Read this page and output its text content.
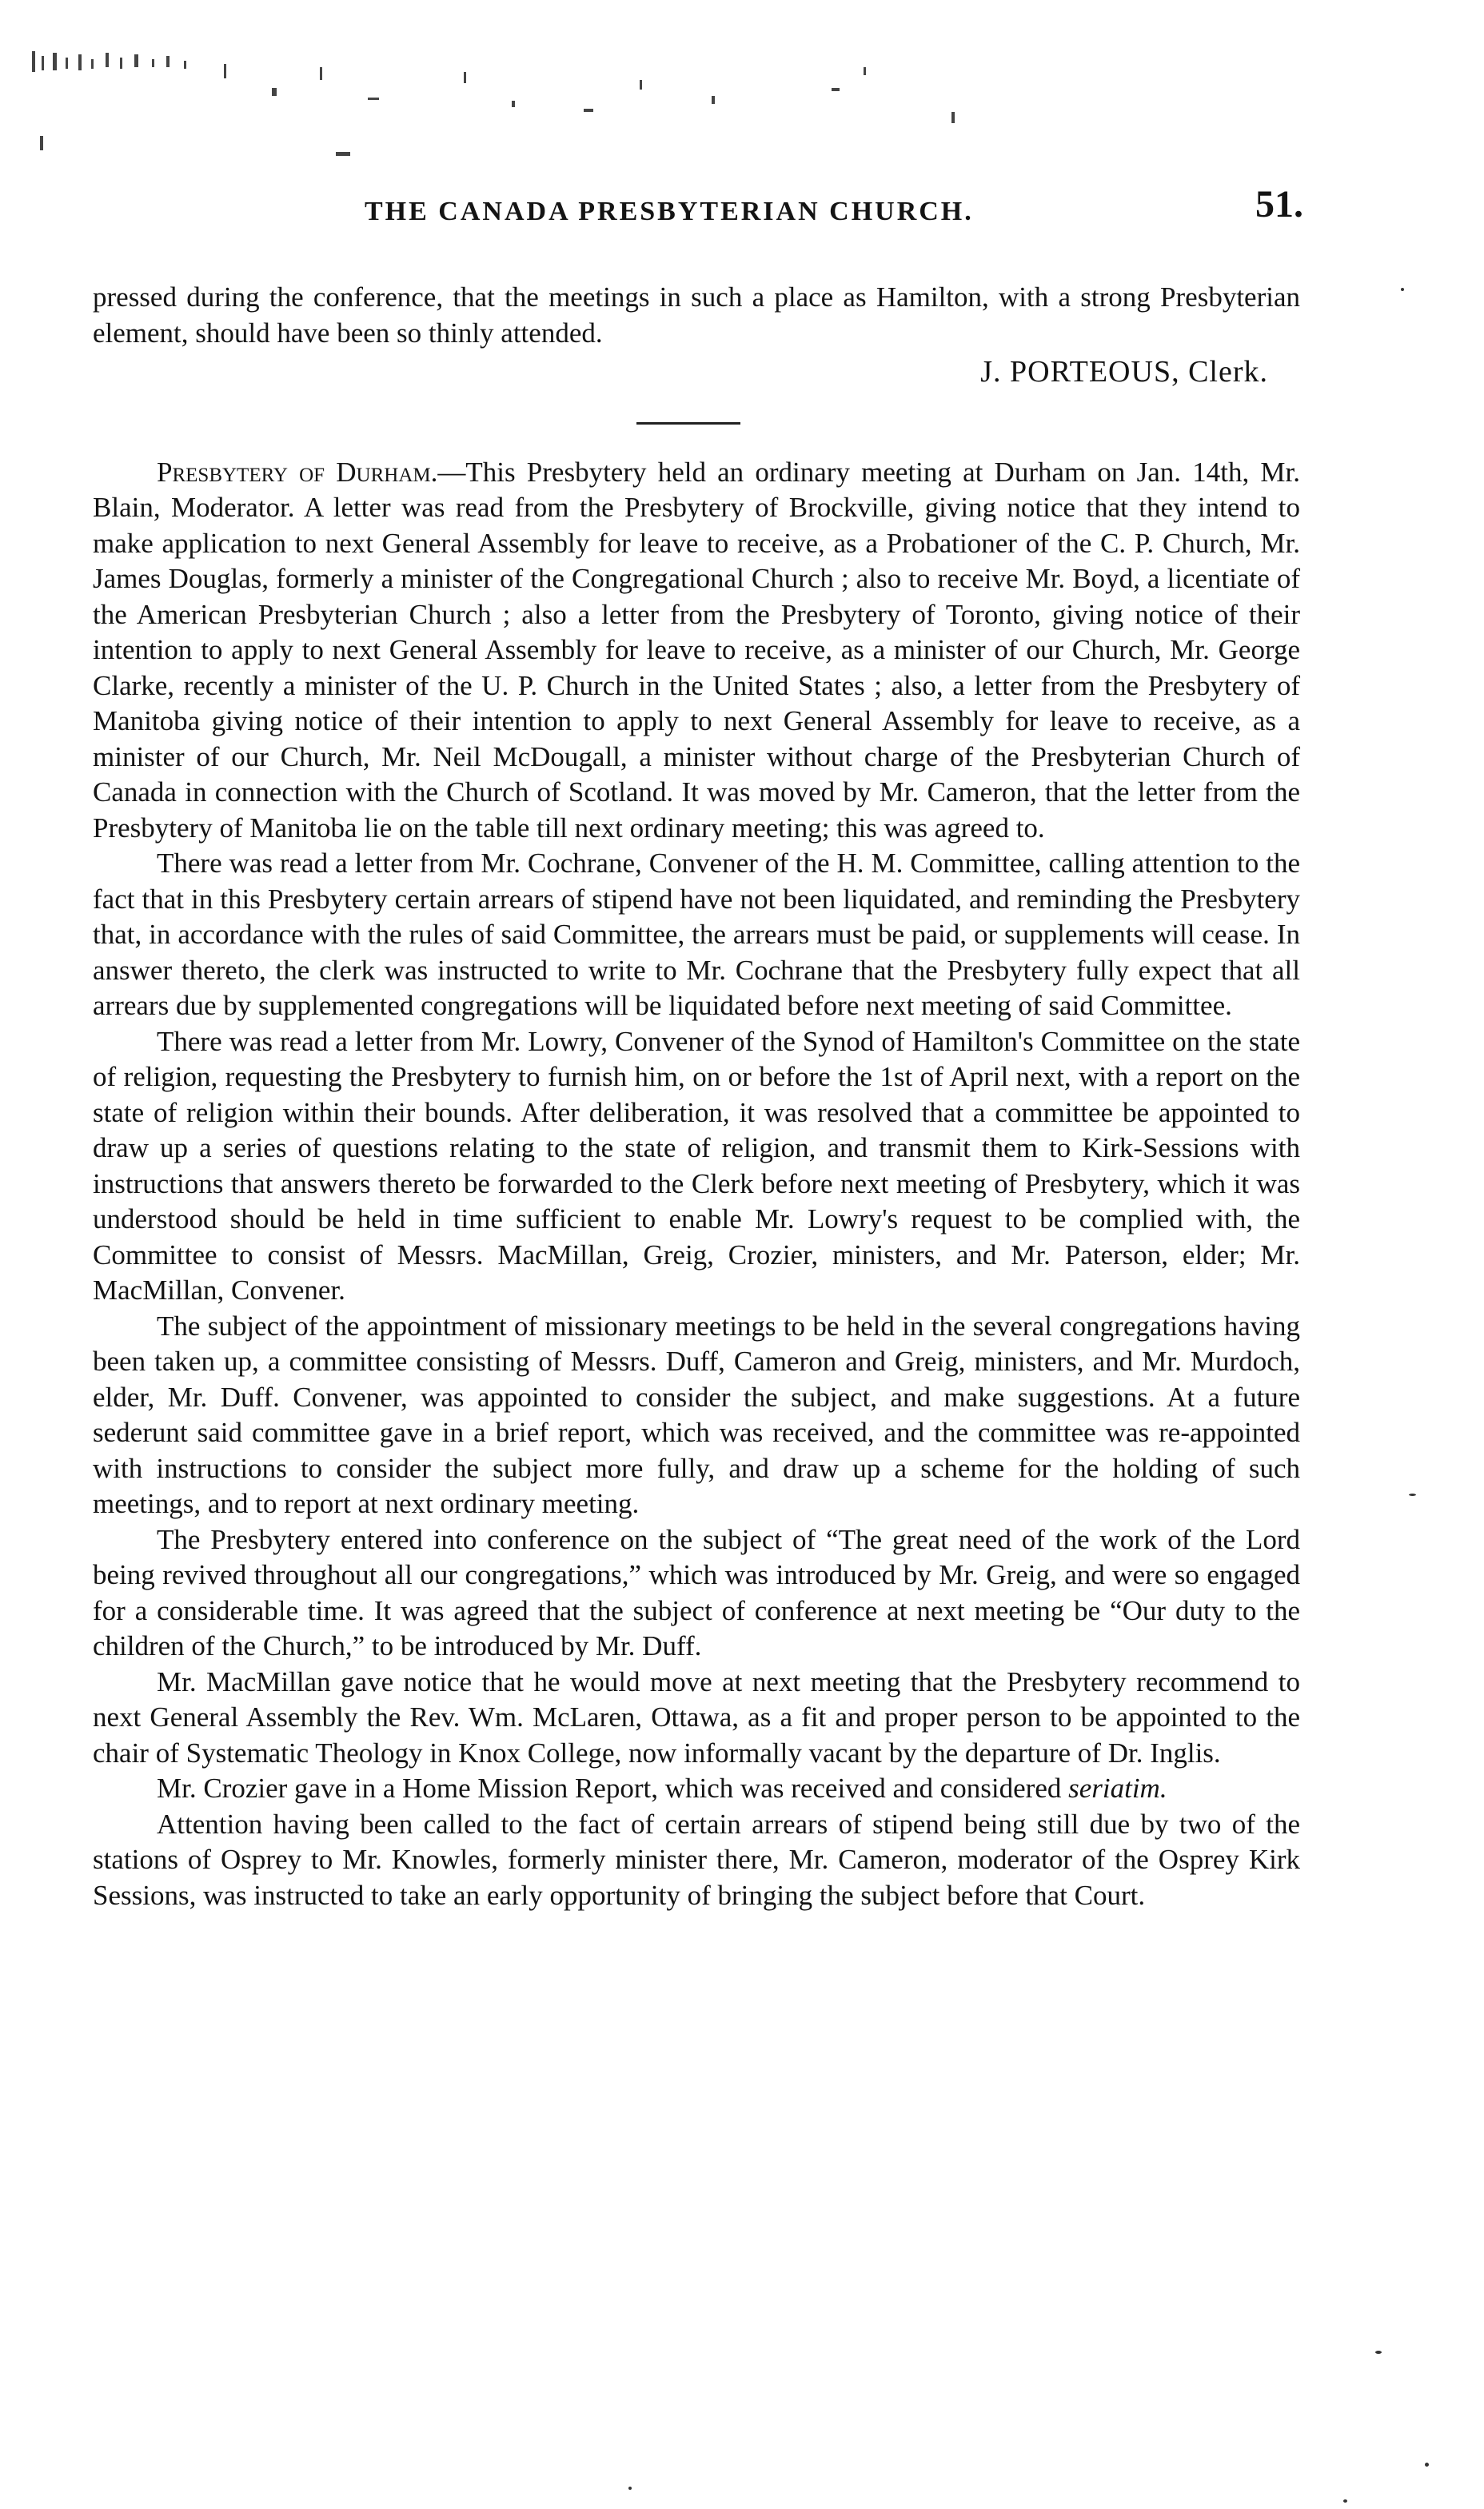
THE CANADA PRESBYTERIAN CHURCH.	51.

pressed during the conference, that the meetings in such a place as Hamilton, with a strong Presbyterian element, should have been so thinly attended.

J. PORTEOUS, Clerk.

Presbytery of Durham.—This Presbytery held an ordinary meeting at Durham on Jan. 14th, Mr. Blain, Moderator. A letter was read from the Presbytery of Brockville, giving notice that they intend to make application to next General Assembly for leave to receive, as a Probationer of the C. P. Church, Mr. James Douglas, formerly a minister of the Congregational Church ; also to receive Mr. Boyd, a licentiate of the American Presbyterian Church ; also a letter from the Presbytery of Toronto, giving notice of their intention to apply to next General Assembly for leave to receive, as a minister of our Church, Mr. George Clarke, recently a minister of the U. P. Church in the United States ; also, a letter from the Presbytery of Manitoba giving notice of their intention to apply to next General Assembly for leave to receive, as a minister of our Church, Mr. Neil McDougall, a minister without charge of the Presbyterian Church of Canada in connection with the Church of Scotland. It was moved by Mr. Cameron, that the letter from the Presbytery of Manitoba lie on the table till next ordinary meeting; this was agreed to.

There was read a letter from Mr. Cochrane, Convener of the H. M. Committee, calling attention to the fact that in this Presbytery certain arrears of stipend have not been liquidated, and reminding the Presbytery that, in accordance with the rules of said Committee, the arrears must be paid, or supplements will cease. In answer thereto, the clerk was instructed to write to Mr. Cochrane that the Presbytery fully expect that all arrears due by supplemented congregations will be liquidated before next meeting of said Committee.

There was read a letter from Mr. Lowry, Convener of the Synod of Hamilton's Committee on the state of religion, requesting the Presbytery to furnish him, on or before the 1st of April next, with a report on the state of religion within their bounds. After deliberation, it was resolved that a committee be appointed to draw up a series of questions relating to the state of religion, and transmit them to Kirk-Sessions with instructions that answers thereto be forwarded to the Clerk before next meeting of Presbytery, which it was understood should be held in time sufficient to enable Mr. Lowry's request to be complied with, the Committee to consist of Messrs. MacMillan, Greig, Crozier, ministers, and Mr. Paterson, elder; Mr. MacMillan, Convener.

The subject of the appointment of missionary meetings to be held in the several congregations having been taken up, a committee consisting of Messrs. Duff, Cameron and Greig, ministers, and Mr. Murdoch, elder, Mr. Duff. Convener, was appointed to consider the subject, and make suggestions. At a future sederunt said committee gave in a brief report, which was received, and the committee was re-appointed with instructions to consider the subject more fully, and draw up a scheme for the holding of such meetings, and to report at next ordinary meeting.

The Presbytery entered into conference on the subject of “The great need of the work of the Lord being revived throughout all our congregations,” which was introduced by Mr. Greig, and were so engaged for a considerable time. It was agreed that the subject of conference at next meeting be “Our duty to the children of the Church,” to be introduced by Mr. Duff.

Mr. MacMillan gave notice that he would move at next meeting that the Presbytery recommend to next General Assembly the Rev. Wm. McLaren, Ottawa, as a fit and proper person to be appointed to the chair of Systematic Theology in Knox College, now informally vacant by the departure of Dr. Inglis.

Mr. Crozier gave in a Home Mission Report, which was received and considered seriatim.

Attention having been called to the fact of certain arrears of stipend being still due by two of the stations of Osprey to Mr. Knowles, formerly minister there, Mr. Cameron, moderator of the Osprey Kirk Sessions, was instructed to take an early opportunity of bringing the subject before that Court.
